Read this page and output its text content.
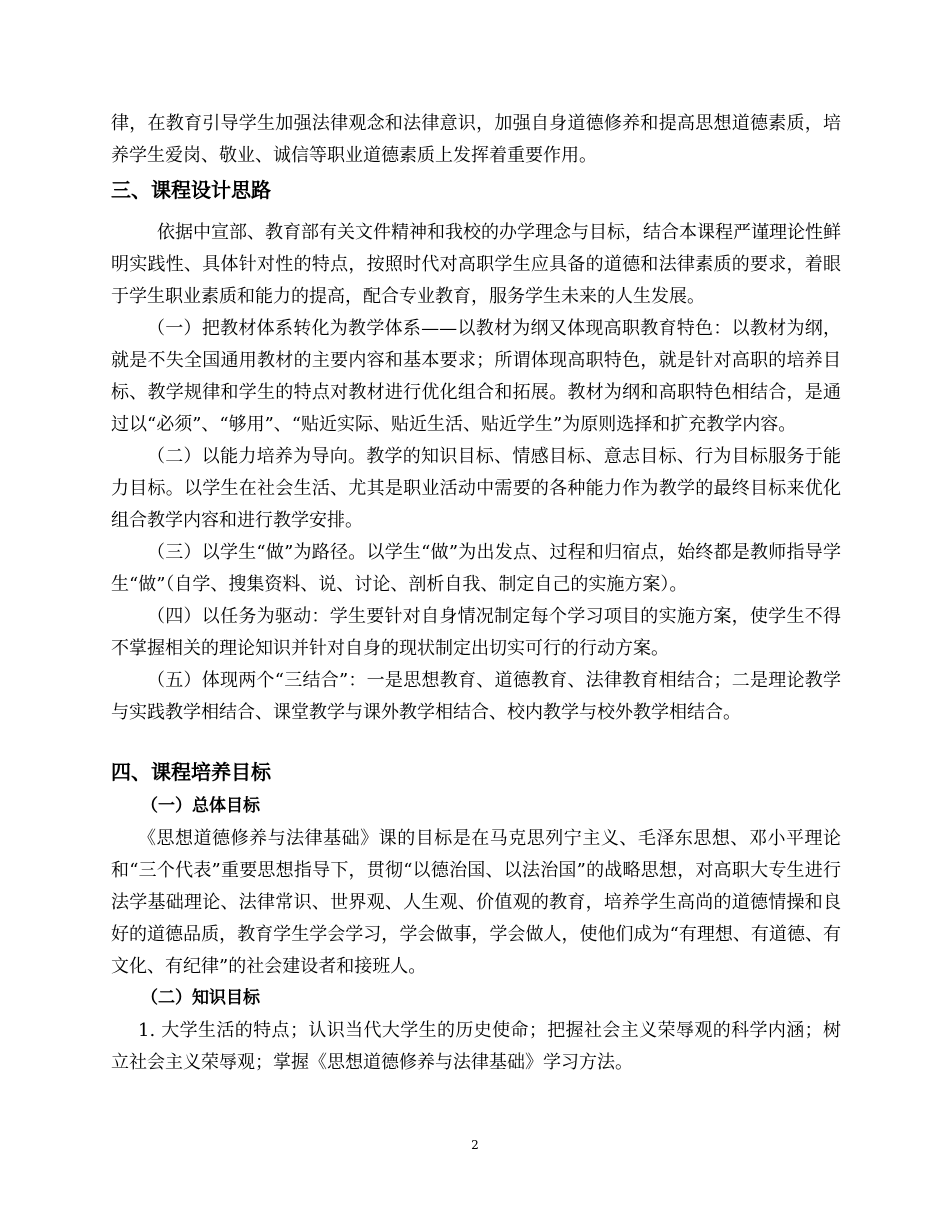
律，在教育引导学生加强法律观念和法律意识，加强自身道德修养和提高思想道德素质，培养学生爱岗、敬业、诚信等职业道德素质上发挥着重要作用。

三、课程设计思路

依据中宣部、教育部有关文件精神和我校的办学理念与目标，结合本课程严谨理论性鲜明实践性、具体针对性的特点，按照时代对高职学生应具备的道德和法律素质的要求，着眼于学生职业素质和能力的提高，配合专业教育，服务学生未来的人生发展。

（一）把教材体系转化为教学体系——以教材为纲又体现高职教育特色：以教材为纲，就是不失全国通用教材的主要内容和基本要求；所谓体现高职特色，就是针对高职的培养目标、教学规律和学生的特点对教材进行优化组合和拓展。教材为纲和高职特色相结合，是通过以“必须”、“够用”、“贴近实际、贴近生活、贴近学生”为原则选择和扩充教学内容。

（二）以能力培养为导向。教学的知识目标、情感目标、意志目标、行为目标服务于能力目标。以学生在社会生活、尤其是职业活动中需要的各种能力作为教学的最终目标来优化组合教学内容和进行教学安排。

（三）以学生“做”为路径。以学生“做”为出发点、过程和归宿点，始终都是教师指导学生“做”（自学、搜集资料、说、讨论、剖析自我、制定自己的实施方案）。

（四）以任务为驱动：学生要针对自身情况制定每个学习项目的实施方案，使学生不得不掌握相关的理论知识并针对自身的现状制定出切实可行的行动方案。

（五）体现两个“三结合”：一是思想教育、道德教育、法律教育相结合；二是理论教学与实践教学相结合、课堂教学与课外教学相结合、校内教学与校外教学相结合。

四、课程培养目标
（一）总体目标

《思想道德修养与法律基础》课的目标是在马克思列宁主义、毛泽东思想、邓小平理论和“三个代表”重要思想指导下，贯彻“以德治国、以法治国”的战略思想，对高职大专生进行法学基础理论、法律常识、世界观、人生观、价值观的教育，培养学生高尚的道德情操和良好的道德品质，教育学生学会学习，学会做事，学会做人，使他们成为“有理想、有道德、有文化、有纪律”的社会建设者和接班人。

（二）知识目标

1. 大学生活的特点；认识当代大学生的历史使命；把握社会主义荣辱观的科学内涵；树立社会主义荣辱观；掌握《思想道德修养与法律基础》学习方法。

2
